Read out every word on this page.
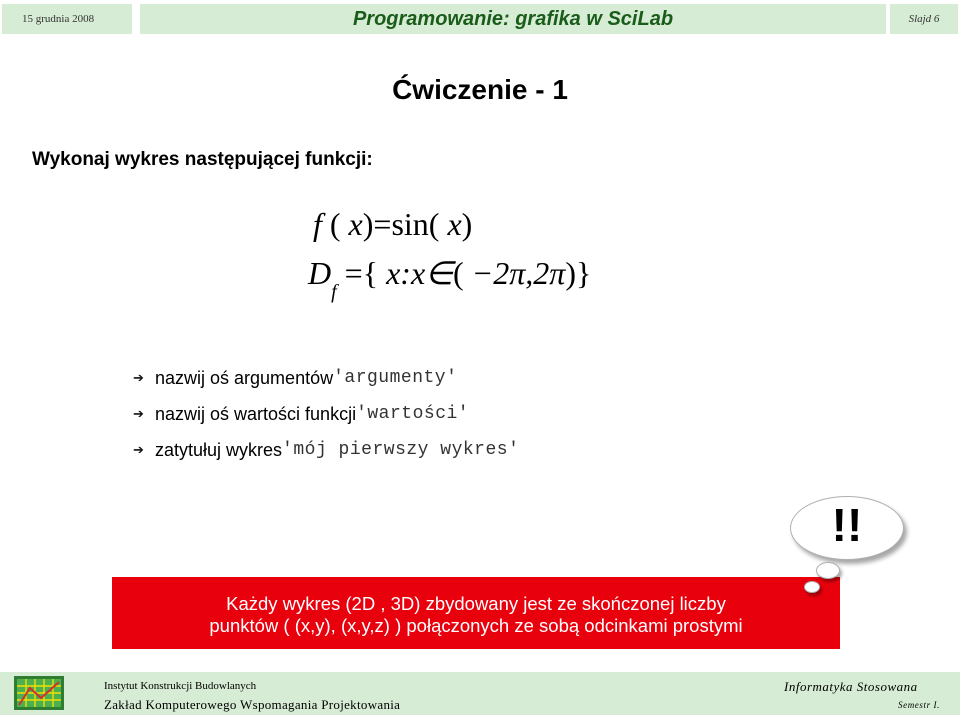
15 grudnia 2008	Programowanie: grafika w SciLab	Slajd 6
Ćwiczenie - 1
Wykonaj wykres następującej funkcji:
f ( x)=sin( x)
$D_f$ ={ x:x∈( −2π,2π)}
➔ nazwij oś argumentów 'argumenty'
➔ nazwij oś wartości funkcji 'wartości'
➔ zatytułuj wykres 'mój pierwszy wykres'
Każdy wykres (2D , 3D) zbydowany jest ze skończonej liczby
punktów ( (x,y), (x,y,z) ) połączonych ze sobą odcinkami prostymi
!!
Instytut Konstrukcji Budowlanych
Zakład Komputerowego Wspomagania Projektowania
Informatyka Stosowana
Semestr I.
